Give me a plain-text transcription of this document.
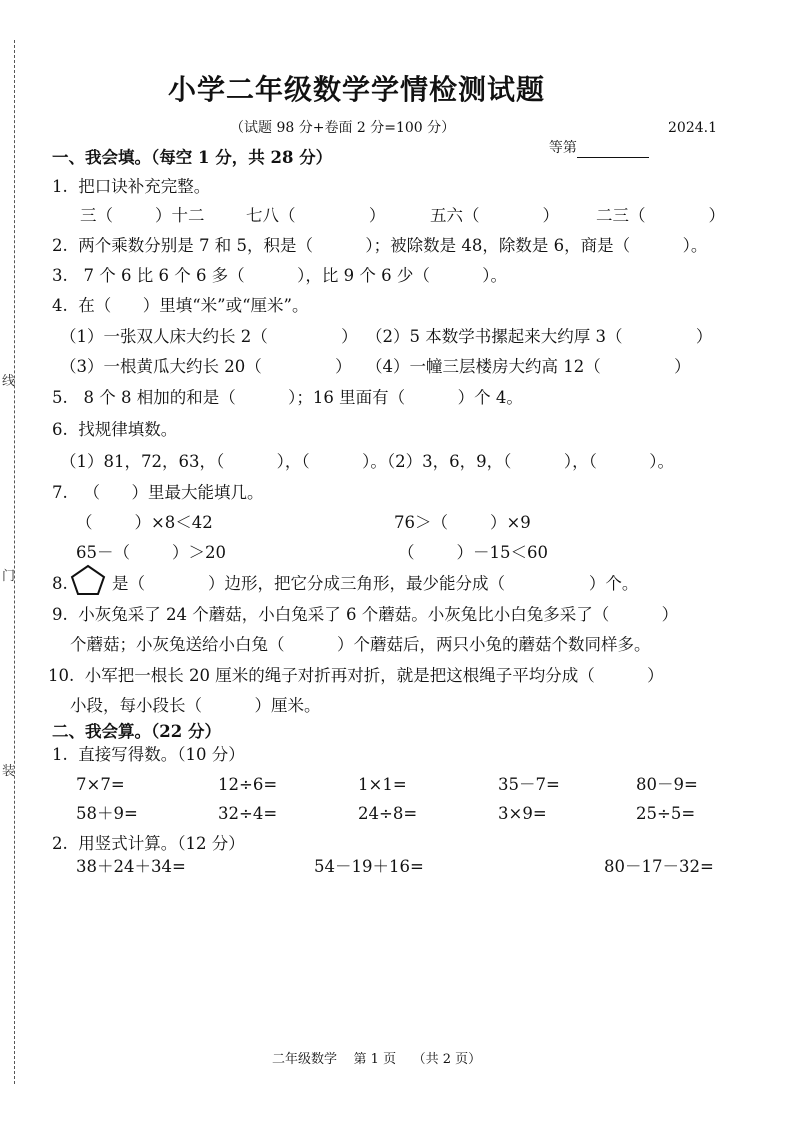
线
门
装
小学二年级数学学情检测试题
（试题 98 分+卷面 2 分=100 分）

等第

2024.1
一、我会填。（每空 1 分，共 28 分）
1.  把口诀补充完整。
三（        ）十二	七八（              ）	五六（            ） 二三（            ）
2.  两个乘数分别是 7 和 5，积是（          ）；被除数是 48，除数是 6，商是（          ）。
3.   7 个 6 比 6 个 6 多（          ），比 9 个 6 少（          ）。
4.  在（      ）里填“米”或“厘米”。
（1）一张双人床大约长 2（              ） （2）5 本数学书摞起来大约厚 3（              ）
（3）一根黄瓜大约长 20（              ） （4）一幢三层楼房大约高 12（              ）
5.   8 个 8 相加的和是（          ）；16 里面有（          ）个 4。
6.  找规律填数。
（1）81，72，63，（          ），（          ）。（2）3，6，9，（          ），（          ）。
7.   （      ）里最大能填几。
（        ）×8＜42	76＞（        ）×9
65－（        ）＞20	（        ）－15＜60
8.	是（            ）边形，把它分成三角形，最少能分成（                ）个。
9.  小灰兔采了 24 个蘑菇，小白兔采了 6 个蘑菇。小灰兔比小白兔多采了（          ）
个蘑菇；小灰兔送给小白兔（          ）个蘑菇后，两只小兔的蘑菇个数同样多。
10.  小军把一根长 20 厘米的绳子对折再对折，就是把这根绳子平均分成（          ）
小段，每小段长（          ）厘米。
二、我会算。（22 分）
1.  直接写得数。（10 分）
7×7=	12÷6=	1×1=	35－7=	80－9=
58＋9=	32÷4=	24÷8=	3×9=	25÷5=
2.  用竖式计算。（12 分）
38＋24＋34=	54－19＋16=	80－17－32=
二年级数学    第 1 页    （共 2 页）
